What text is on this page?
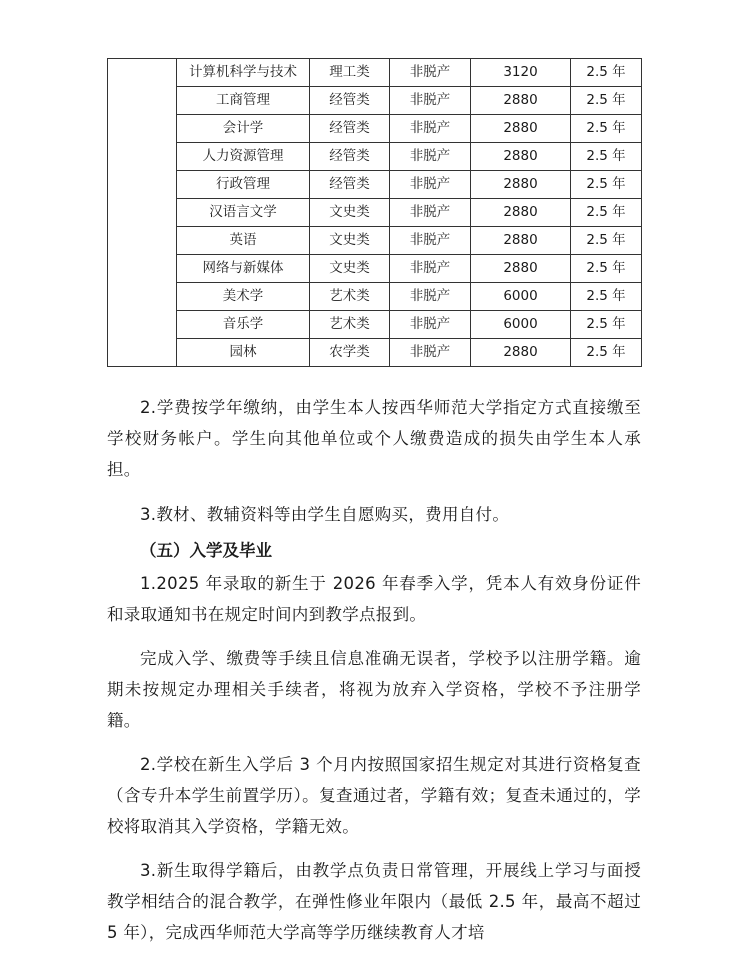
	计算机科学与技术	理工类	非脱产	3120	2.5 年
	工商管理	经管类	非脱产	2880	2.5 年
	会计学	经管类	非脱产	2880	2.5 年
	人力资源管理	经管类	非脱产	2880	2.5 年
	行政管理	经管类	非脱产	2880	2.5 年
	汉语言文学	文史类	非脱产	2880	2.5 年
	英语	文史类	非脱产	2880	2.5 年
	网络与新媒体	文史类	非脱产	2880	2.5 年
	美术学	艺术类	非脱产	6000	2.5 年
	音乐学	艺术类	非脱产	6000	2.5 年
	园林	农学类	非脱产	2880	2.5 年

2.学费按学年缴纳，由学生本人按西华师范大学指定方式直接缴至学校财务帐户。学生向其他单位或个人缴费造成的损失由学生本人承担。

3.教材、教辅资料等由学生自愿购买，费用自付。

（五）入学及毕业

1.2025 年录取的新生于 2026 年春季入学，凭本人有效身份证件和录取通知书在规定时间内到教学点报到。

完成入学、缴费等手续且信息准确无误者，学校予以注册学籍。逾期未按规定办理相关手续者，将视为放弃入学资格，学校不予注册学籍。

2.学校在新生入学后 3 个月内按照国家招生规定对其进行资格复查（含专升本学生前置学历）。复查通过者，学籍有效；复查未通过的，学校将取消其入学资格，学籍无效。

3.新生取得学籍后，由教学点负责日常管理，开展线上学习与面授教学相结合的混合教学，在弹性修业年限内（最低 2.5 年，最高不超过 5 年），完成西华师范大学高等学历继续教育人才培
